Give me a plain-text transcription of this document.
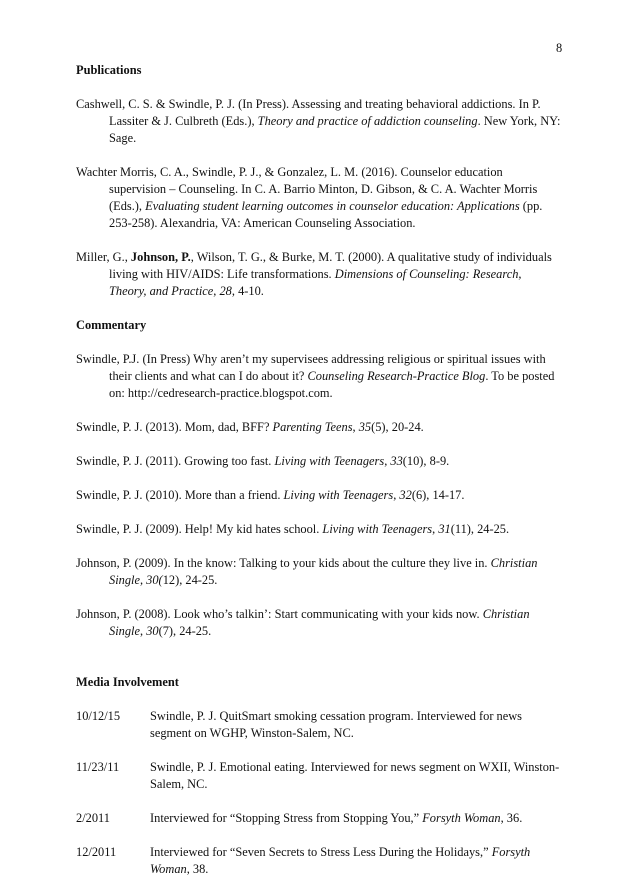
8

Publications

Cashwell, C. S. & Swindle, P. J. (In Press). Assessing and treating behavioral addictions. In P. Lassiter & J. Culbreth (Eds.), Theory and practice of addiction counseling. New York, NY: Sage.

Wachter Morris, C. A., Swindle, P. J., & Gonzalez, L. M. (2016). Counselor education supervision – Counseling. In C. A. Barrio Minton, D. Gibson, & C. A. Wachter Morris (Eds.), Evaluating student learning outcomes in counselor education: Applications (pp. 253-258). Alexandria, VA: American Counseling Association.

Miller, G., Johnson, P., Wilson, T. G., & Burke, M. T. (2000). A qualitative study of individuals living with HIV/AIDS: Life transformations. Dimensions of Counseling: Research, Theory, and Practice, 28, 4-10.

Commentary

Swindle, P.J. (In Press) Why aren’t my supervisees addressing religious or spiritual issues with their clients and what can I do about it? Counseling Research-Practice Blog. To be posted on: http://cedresearch-practice.blogspot.com.

Swindle, P. J. (2013). Mom, dad, BFF? Parenting Teens, 35(5), 20-24.

Swindle, P. J. (2011). Growing too fast. Living with Teenagers, 33(10), 8-9.

Swindle, P. J. (2010). More than a friend. Living with Teenagers, 32(6), 14-17.

Swindle, P. J. (2009). Help! My kid hates school. Living with Teenagers, 31(11), 24-25.

Johnson, P. (2009). In the know: Talking to your kids about the culture they live in. Christian Single, 30(12), 24-25.

Johnson, P. (2008). Look who’s talkin’: Start communicating with your kids now. Christian Single, 30(7), 24-25.

Media Involvement

10/12/15	Swindle, P. J. QuitSmart smoking cessation program. Interviewed for news segment on WGHP, Winston-Salem, NC.
11/23/11	Swindle, P. J. Emotional eating. Interviewed for news segment on WXII, Winston-Salem, NC.
2/2011	Interviewed for “Stopping Stress from Stopping You,” Forsyth Woman, 36.
12/2011	Interviewed for “Seven Secrets to Stress Less During the Holidays,” Forsyth Woman, 38.
